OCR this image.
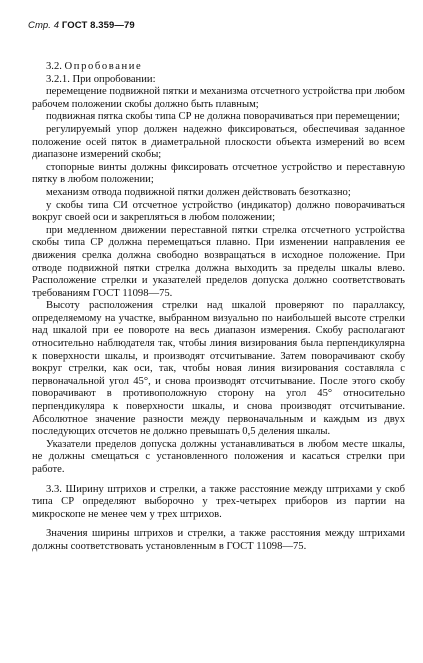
Стр. 4 ГОСТ 8.359—79

3.2. Опробование

3.2.1. При опробовании:

перемещение подвижной пятки и механизма отсчетного устройства при любом рабочем положении скобы должно быть плавным;

подвижная пятка скобы типа СР не должна поворачиваться при перемещении;

регулируемый упор должен надежно фиксироваться, обеспечивая заданное положение осей пяток в диаметральной плоскости объекта измерений во всем диапазоне измерений скобы;

стопорные винты должны фиксировать отсчетное устройство и переставную пятку в любом положении;

механизм отвода подвижной пятки должен действовать безотказно;

у скобы типа СИ отсчетное устройство (индикатор) должно поворачиваться вокруг своей оси и закрепляться в любом положении;

при медленном движении переставной пятки стрелка отсчетного устройства скобы типа СР должна перемещаться плавно. При изменении направления ее движения срелка должна свободно возвращаться в исходное положение. При отводе подвижной пятки стрелка должна выходить за пределы шкалы влево. Расположение стрелки и указателей пределов допуска должно соответствовать требованиям ГОСТ 11098—75.

Высоту расположения стрелки над шкалой проверяют по параллаксу, определяемому на участке, выбранном визуально по наибольшей высоте стрелки над шкалой при ее повороте на весь диапазон измерения. Скобу располагают относительно наблюдателя так, чтобы линия визирования была перпендикулярна к поверхности шкалы, и производят отсчитывание. Затем поворачивают скобу вокруг стрелки, как оси, так, чтобы новая линия визирования составляла с первоначальной угол 45°, и снова производят отсчитывание. После этого скобу поворачивают в противоположную сторону на угол 45° относительно перпендикуляра к поверхности шкалы, и снова производят отсчитывание. Абсолютное значение разности между первоначальным и каждым из двух последующих отсчетов не должно превышать 0,5 деления шкалы.

Указатели пределов допуска должны устанавливаться в любом месте шкалы, не должны смещаться с установленного положения и касаться стрелки при работе.

3.3. Ширину штрихов и стрелки, а также расстояние между штрихами у скоб типа СР определяют выборочно у трех-четырех приборов из партии на микроскопе не менее чем у трех штрихов.

Значения ширины штрихов и стрелки, а также расстояния между штрихами должны соответствовать установленным в ГОСТ 11098—75.
